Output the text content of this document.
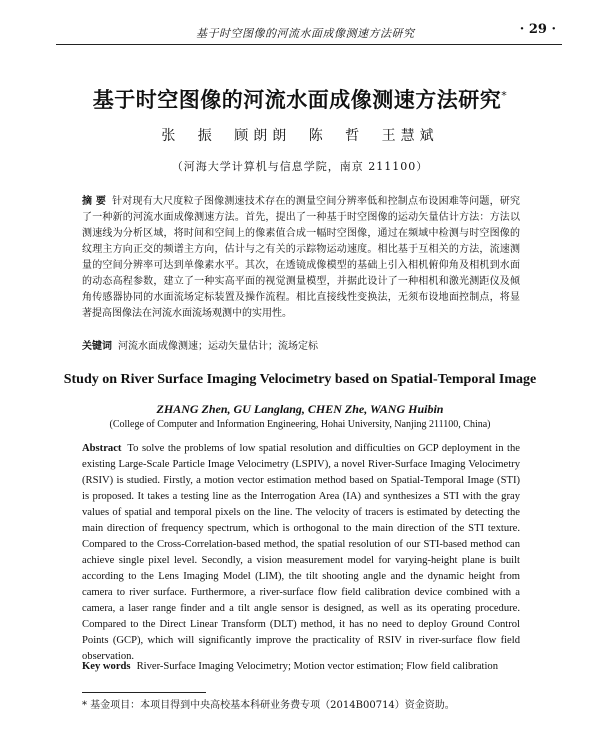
基于时空图像的河流水面成像测速方法研究	· 29 ·
基于时空图像的河流水面成像测速方法研究*
张 振 顾朗朗 陈 哲 王慧斌
（河海大学计算机与信息学院，南京 211100）
摘 要 针对现有大尺度粒子图像测速技术存在的测量空间分辨率低和控制点布设困难等问题，研究了一种新的河流水面成像测速方法。首先，提出了一种基于时空图像的运动矢量估计方法：方法以测速线为分析区域，将时间和空间上的像素值合成一幅时空图像，通过在频域中检测与时空图像的纹理主方向正交的频谱主方向，估计与之有关的示踪物运动速度。相比基于互相关的方法，流速测量的空间分辨率可达到单像素水平。其次，在透镜成像模型的基础上引入相机俯仰角及相机到水面的动态高程参数，建立了一种实高平面的视觉测量模型，并据此设计了一种相机和激光测距仪及倾角传感器协同的水面流场定标装置及操作流程。相比直接线性变换法，无须布设地面控制点，将显著提高图像法在河流水面流场观测中的实用性。
关键词 河流水面成像测速；运动矢量估计；流场定标
Study on River Surface Imaging Velocimetry based on Spatial-Temporal Image
ZHANG Zhen, GU Langlang, CHEN Zhe, WANG Huibin
(College of Computer and Information Engineering, Hohai University, Nanjing 211100, China)
Abstract To solve the problems of low spatial resolution and difficulties on GCP deployment in the existing Large-Scale Particle Image Velocimetry (LSPIV), a novel River-Surface Imaging Velocimetry (RSIV) is studied. Firstly, a motion vector estimation method based on Spatial-Temporal Image (STI) is proposed. It takes a testing line as the Interrogation Area (IA) and synthesizes a STI with the gray values of spatial and temporal pixels on the line. The velocity of tracers is estimated by detecting the main direction of frequency spectrum, which is orthogonal to the main direction of the STI texture. Compared to the Cross-Correlation-based method, the spatial resolution of our STI-based method can achieve single pixel level. Secondly, a vision measurement model for varying-height plane is built according to the Lens Imaging Model (LIM), the tilt shooting angle and the dynamic height from camera to river surface. Furthermore, a river-surface flow field calibration device combined with a camera, a laser range finder and a tilt angle sensor is designed, as well as its operating procedure. Compared to the Direct Linear Transform (DLT) method, it has no need to deploy Ground Control Points (GCP), which will significantly improve the practicality of RSIV in river-surface flow field observation.
Key words River-Surface Imaging Velocimetry; Motion vector estimation; Flow field calibration
* 基金项目：本项目得到中央高校基本科研业务费专项（2014B00714）资金资助。
